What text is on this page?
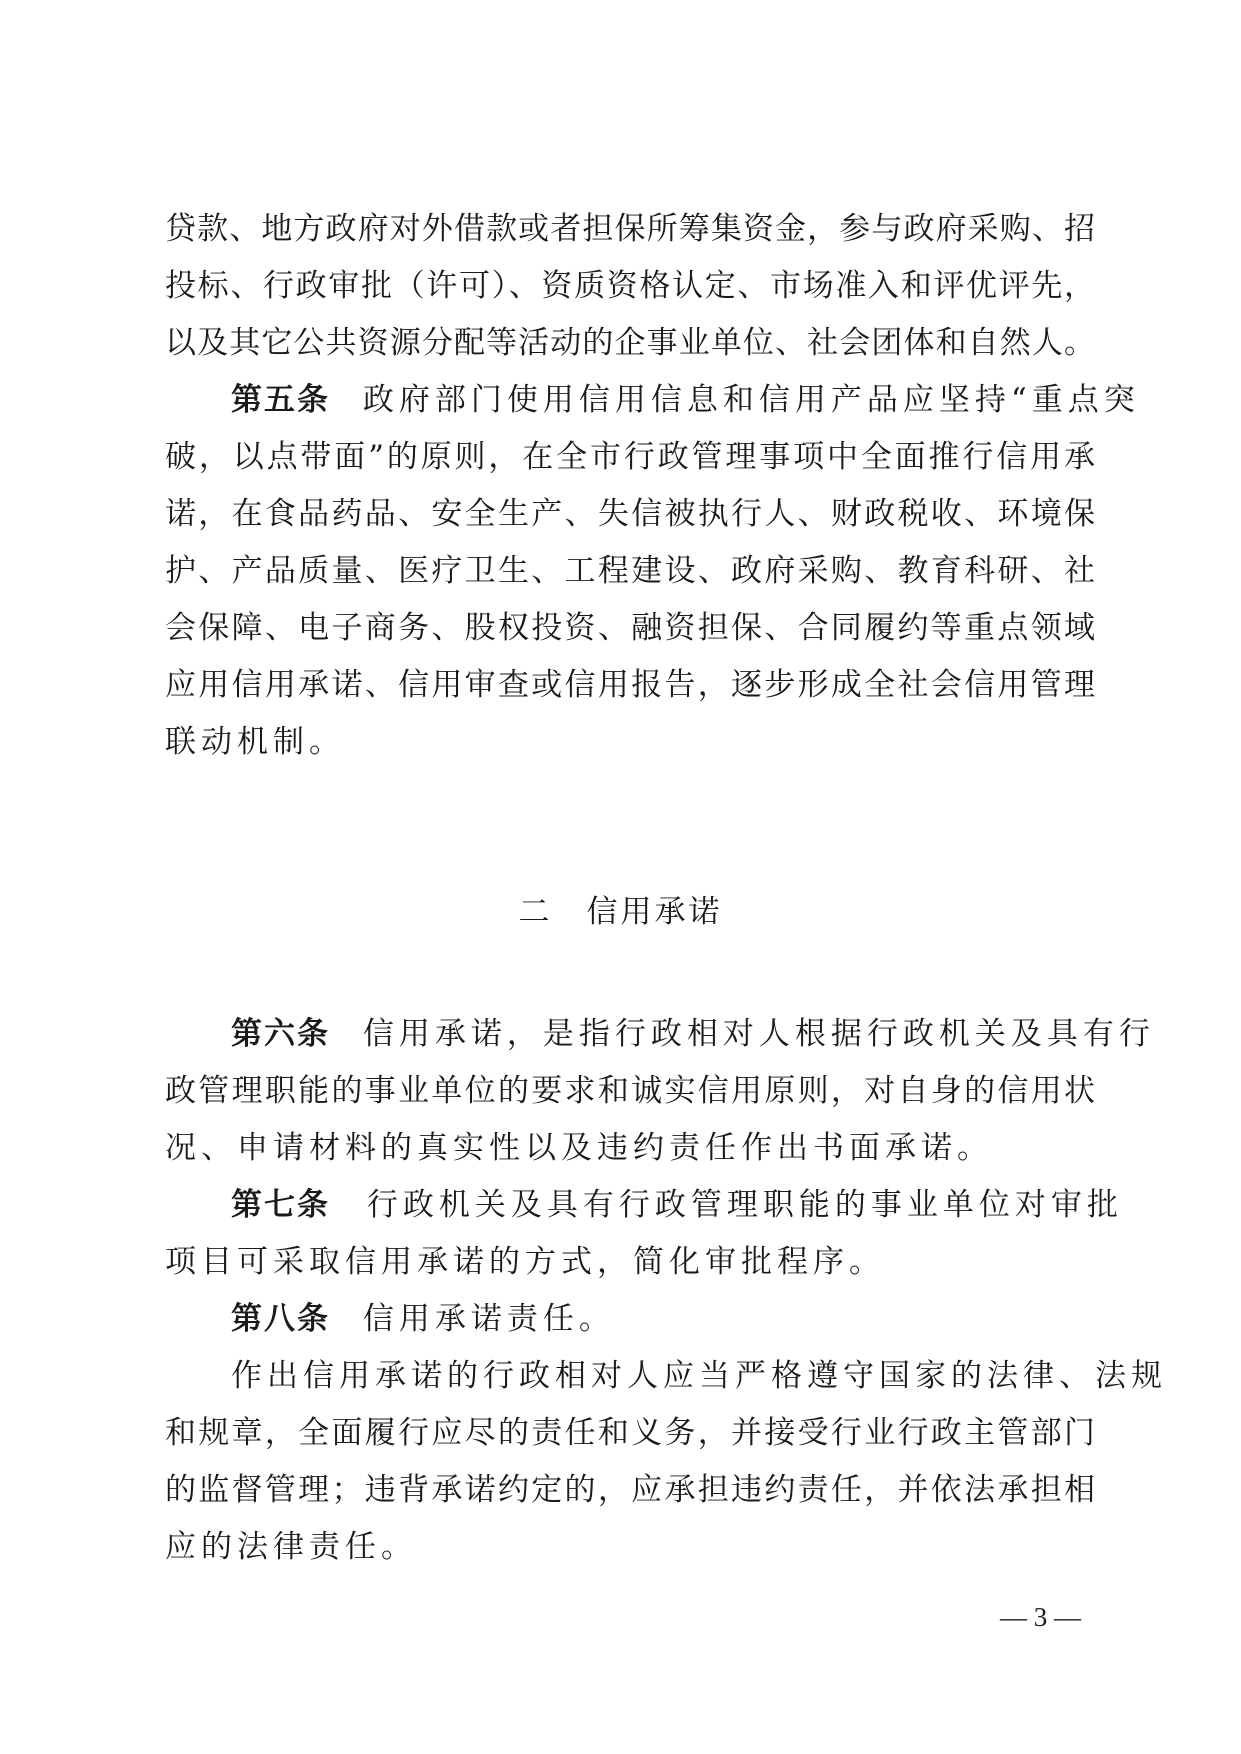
贷款、地方政府对外借款或者担保所筹集资金，参与政府采购、招
投标、行政审批（许可）、资质资格认定、市场准入和评优评先，
以及其它公共资源分配等活动的企事业单位、社会团体和自然人。
第五条 政府部门使用信用信息和信用产品应坚持“重点突
破，以点带面”的原则，在全市行政管理事项中全面推行信用承
诺，在食品药品、安全生产、失信被执行人、财政税收、环境保
护、产品质量、医疗卫生、工程建设、政府采购、教育科研、社
会保障、电子商务、股权投资、融资担保、合同履约等重点领域
应用信用承诺、信用审查或信用报告，逐步形成全社会信用管理
联动机制。
二 信用承诺
第六条 信用承诺，是指行政相对人根据行政机关及具有行
政管理职能的事业单位的要求和诚实信用原则，对自身的信用状
况、申请材料的真实性以及违约责任作出书面承诺。
第七条 行政机关及具有行政管理职能的事业单位对审批
项目可采取信用承诺的方式，简化审批程序。
第八条 信用承诺责任。
作出信用承诺的行政相对人应当严格遵守国家的法律、法规
和规章，全面履行应尽的责任和义务，并接受行业行政主管部门
的监督管理；违背承诺约定的，应承担违约责任，并依法承担相
应的法律责任。
— 3 —
